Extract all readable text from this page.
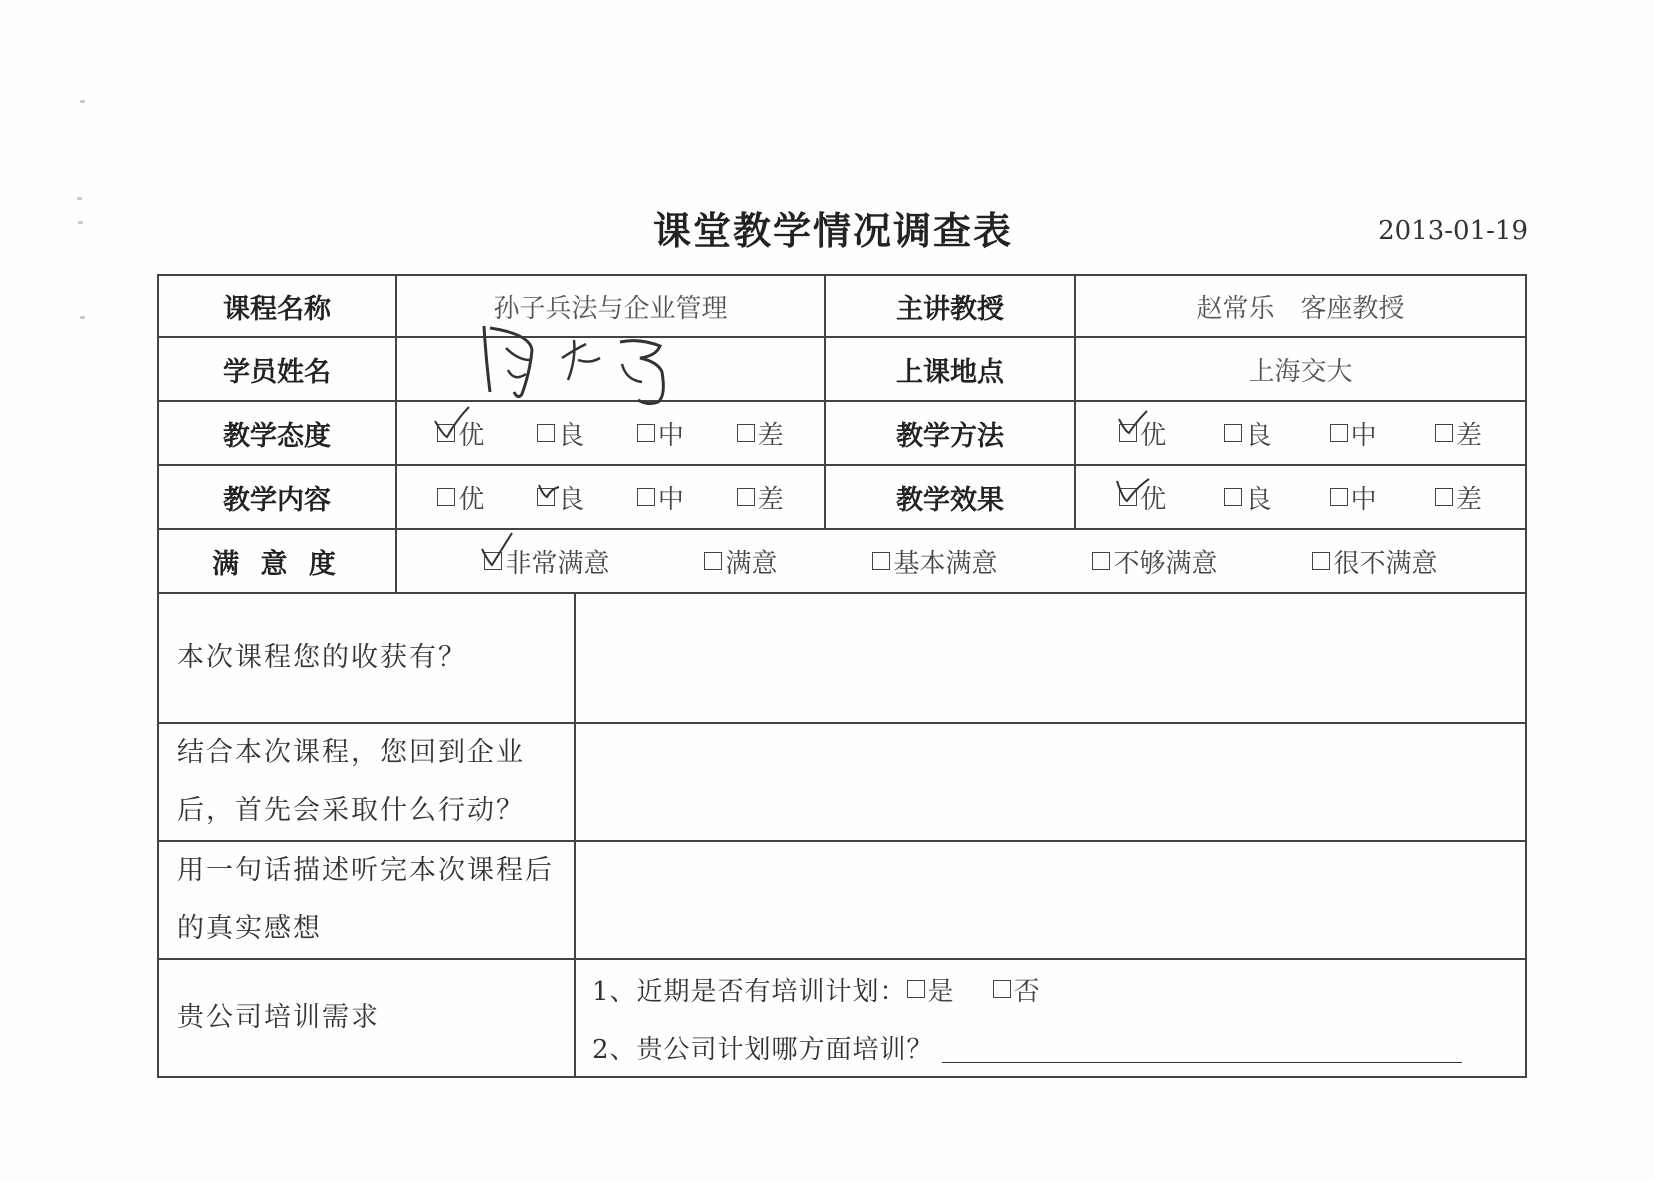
课堂教学情况调查表	2013-01-19
课程名称	孙子兵法与企业管理		主讲教授	赵常乐　客座教授
学员姓名			上课地点	上海交大
教学态度	优 良 中 差		教学方法	优 良 中 差

教学内容	优 良 中 差		教学效果	优 良 中 差

满 意 度	非常满意 满意 基本满意 不够满意 很不满意			

本次课程您的收获有？				
结合本次课程，您回到企业后，首先会采取什么行动？				
用一句话描述听完本次课程后的真实感想				
贵公司培训需求		1、近期是否有培训计划： 是 否
2、贵公司计划哪方面培训？		
